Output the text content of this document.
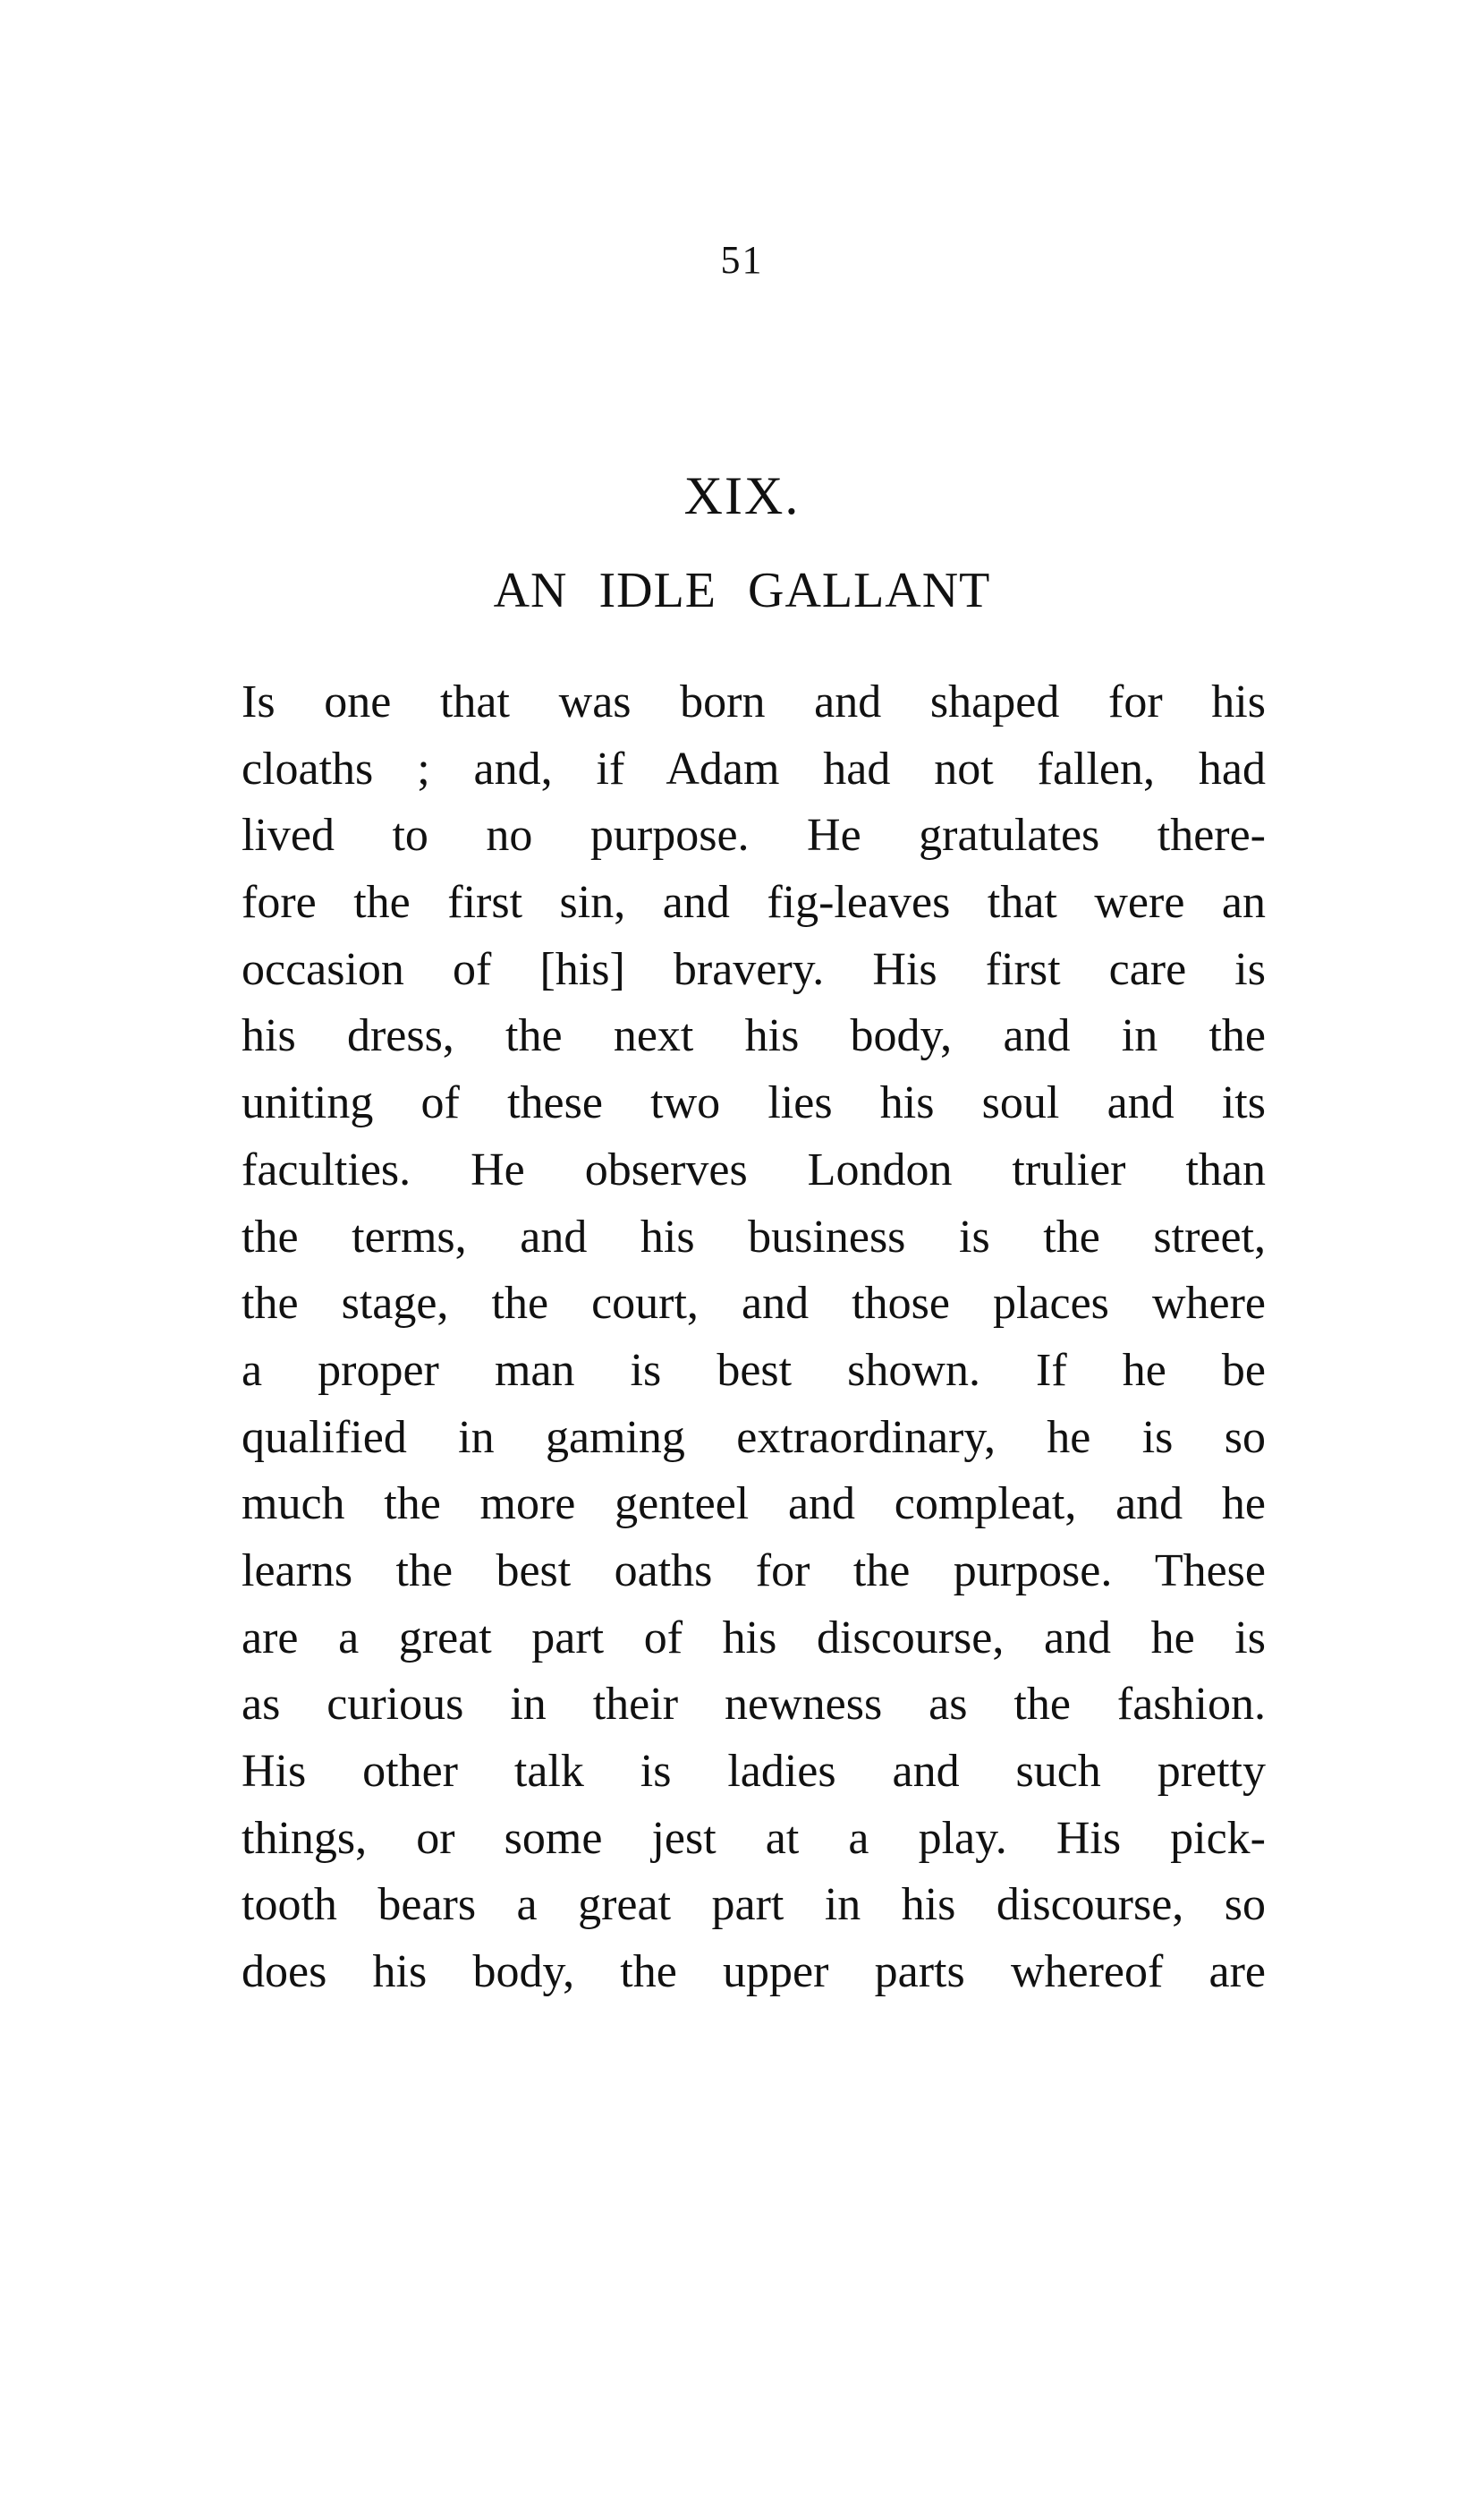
51
XIX.
AN IDLE GALLANT
Is one that was born and shaped for his
cloaths ; and, if Adam had not fallen, had
lived to no purpose. He gratulates there-
fore the first sin, and fig-leaves that were an
occasion of [his] bravery. His first care is
his dress, the next his body, and in the
uniting of these two lies his soul and its
faculties. He observes London trulier than
the terms, and his business is the street,
the stage, the court, and those places where
a proper man is best shown. If he be
qualified in gaming extraordinary, he is so
much the more genteel and compleat, and he
learns the best oaths for the purpose. These
are a great part of his discourse, and he is
as curious in their newness as the fashion.
His other talk is ladies and such pretty
things, or some jest at a play. His pick-
tooth bears a great part in his discourse, so
does his body, the upper parts whereof are
